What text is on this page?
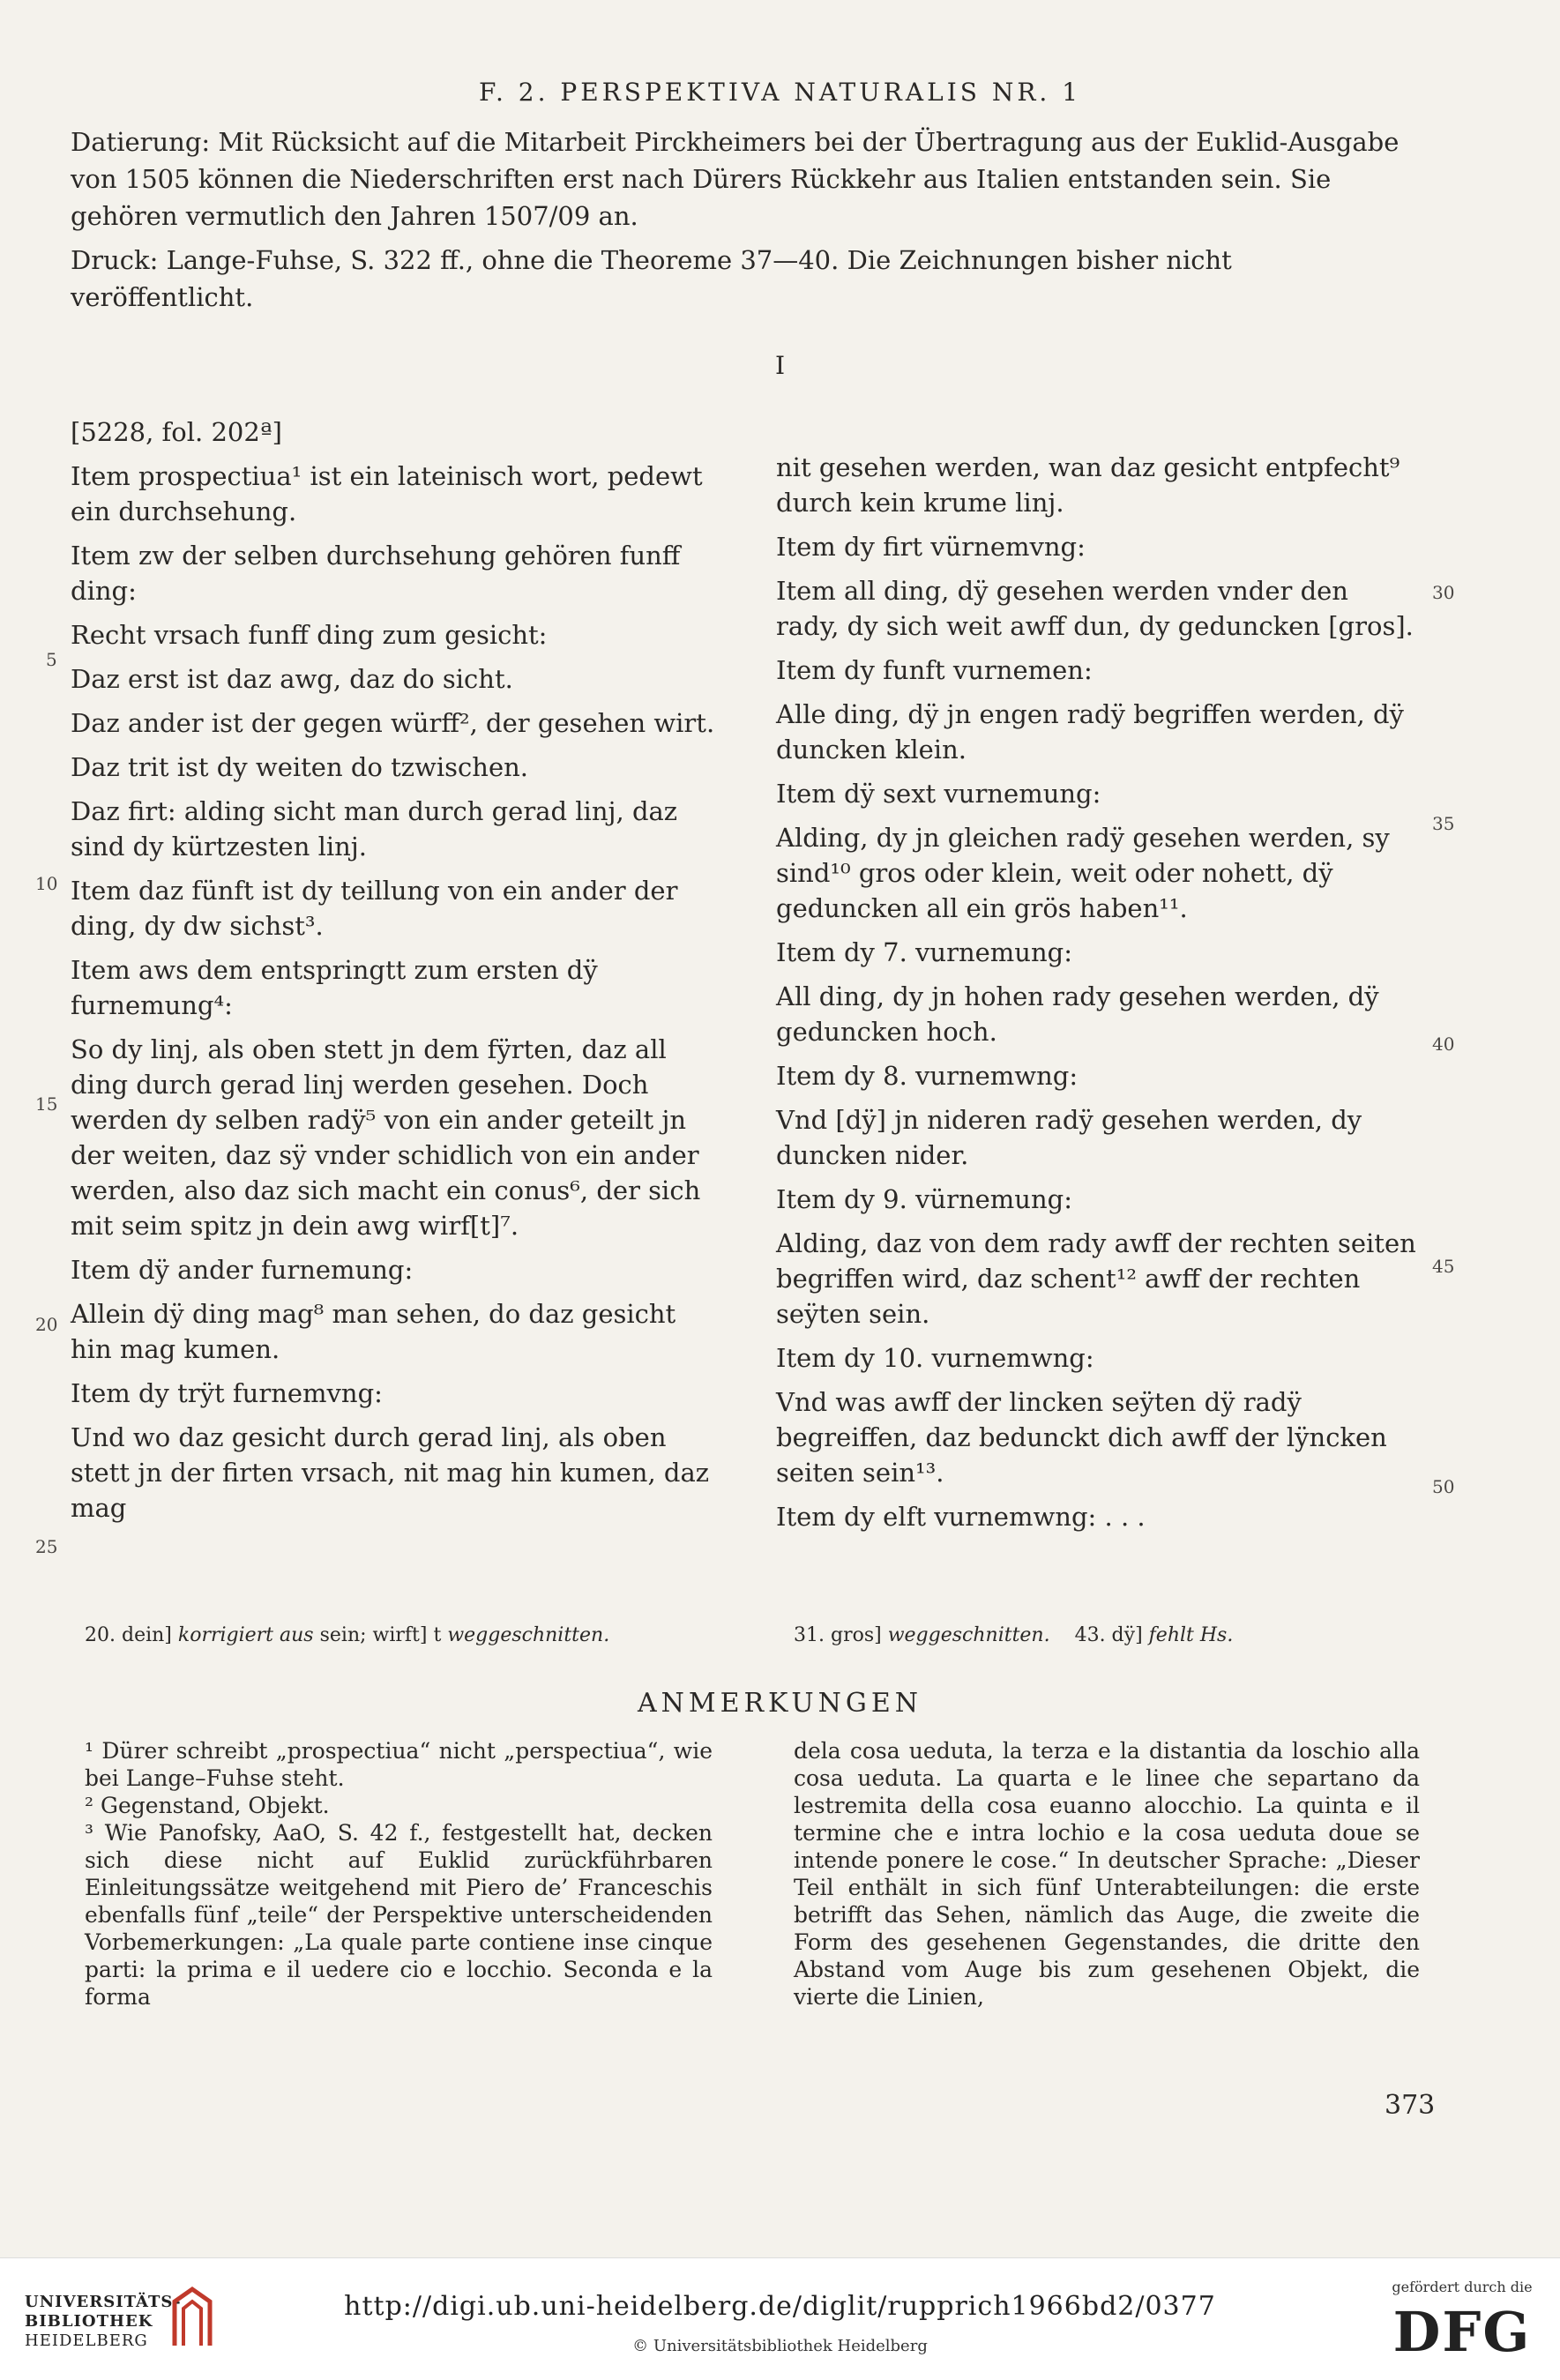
F. 2. PERSPEKTIVA NATURALIS NR. 1

Datierung: Mit Rücksicht auf die Mitarbeit Pirckheimers bei der Übertragung aus der Euklid-Ausgabe von 1505 können die Niederschriften erst nach Dürers Rückkehr aus Italien entstanden sein. Sie gehören vermutlich den Jahren 1507/09 an.

Druck: Lange-Fuhse, S. 322 ff., ohne die Theoreme 37—40. Die Zeichnungen bisher nicht veröffentlicht.

I

[5228, fol. 202ª]

Item prospectiua¹ ist ein lateinisch wort, pedewt ein durchsehung.

Item zw der selben durchsehung gehören funff ding:

Recht vrsach funff ding zum gesicht:

Daz erst ist daz awg, daz do sicht.

Daz ander ist der gegen würff², der gesehen wirt.

Daz trit ist dy weiten do tzwischen.

Daz firt: alding sicht man durch gerad linj, daz sind dy kürtzesten linj.

Item daz fünft ist dy teillung von ein ander der ding, dy dw sichst³.

Item aws dem entspringtt zum ersten dÿ furnemung⁴:

So dy linj, als oben stett jn dem fÿrten, daz all ding durch gerad linj werden gesehen. Doch werden dy selben radÿ⁵ von ein ander geteilt jn der weiten, daz sÿ vnder schidlich von ein ander werden, also daz sich macht ein conus⁶, der sich mit seim spitz jn dein awg wirf[t]⁷.

Item dÿ ander furnemung:

Allein dÿ ding mag⁸ man sehen, do daz gesicht hin mag kumen.

Item dy trÿt furnemvng:

Und wo daz gesicht durch gerad linj, als oben stett jn der firten vrsach, nit mag hin kumen, daz mag

nit gesehen werden, wan daz gesicht entpfecht⁹ durch kein krume linj.

Item dy firt vürnemvng:

Item all ding, dÿ gesehen werden vnder den rady, dy sich weit awff dun, dy geduncken [gros].

Item dy funft vurnemen:

Alle ding, dÿ jn engen radÿ begriffen werden, dÿ duncken klein.

Item dÿ sext vurnemung:

Alding, dy jn gleichen radÿ gesehen werden, sy sind¹⁰ gros oder klein, weit oder nohett, dÿ geduncken all ein grös haben¹¹.

Item dy 7. vurnemung:

All ding, dy jn hohen rady gesehen werden, dÿ geduncken hoch.

Item dy 8. vurnemwng:

Vnd [dÿ] jn nideren radÿ gesehen werden, dy duncken nider.

Item dy 9. vürnemung:

Alding, daz von dem rady awff der rechten seiten begriffen wird, daz schent¹² awff der rechten seÿten sein.

Item dy 10. vurnemwng:

Vnd was awff der lincken seÿten dÿ radÿ begreiffen, daz bedunckt dich awff der lÿncken seiten sein¹³.

Item dy elft vurnemwng: . . .

5
10
15
20
25
30
35
40
45
50
20. dein] korrigiert aus sein; wirft] t weggeschnitten.	31. gros] weggeschnitten. 43. dÿ] fehlt Hs.
ANMERKUNGEN

¹ Dürer schreibt „prospectiua“ nicht „perspectiua“, wie bei Lange–Fuhse steht.

² Gegenstand, Objekt.

³ Wie Panofsky, AaO, S. 42 f., festgestellt hat, decken sich diese nicht auf Euklid zurückführbaren Einleitungssätze weitgehend mit Piero de’ Franceschis ebenfalls fünf „teile“ der Perspektive unterscheidenden Vorbemerkungen: „La quale parte contiene inse cinque parti: la prima e il uedere cio e locchio. Seconda e la forma

dela cosa ueduta, la terza e la distantia da loschio alla cosa ueduta. La quarta e le linee che separtano da lestremita della cosa euanno alocchio. La quinta e il termine che e intra lochio e la cosa ueduta doue se intende ponere le cose.“ In deutscher Sprache: „Dieser Teil enthält in sich fünf Unterabteilungen: die erste betrifft das Sehen, nämlich das Auge, die zweite die Form des gesehenen Gegenstandes, die dritte den Abstand vom Auge bis zum gesehenen Objekt, die vierte die Linien,

373
UNIVERSITÄTS-
BIBLIOTHEK
HEIDELBERG
http://digi.ub.uni-heidelberg.de/diglit/rupprich1966bd2/0377
© Universitätsbibliothek Heidelberg
gefördert durch die
DFG
